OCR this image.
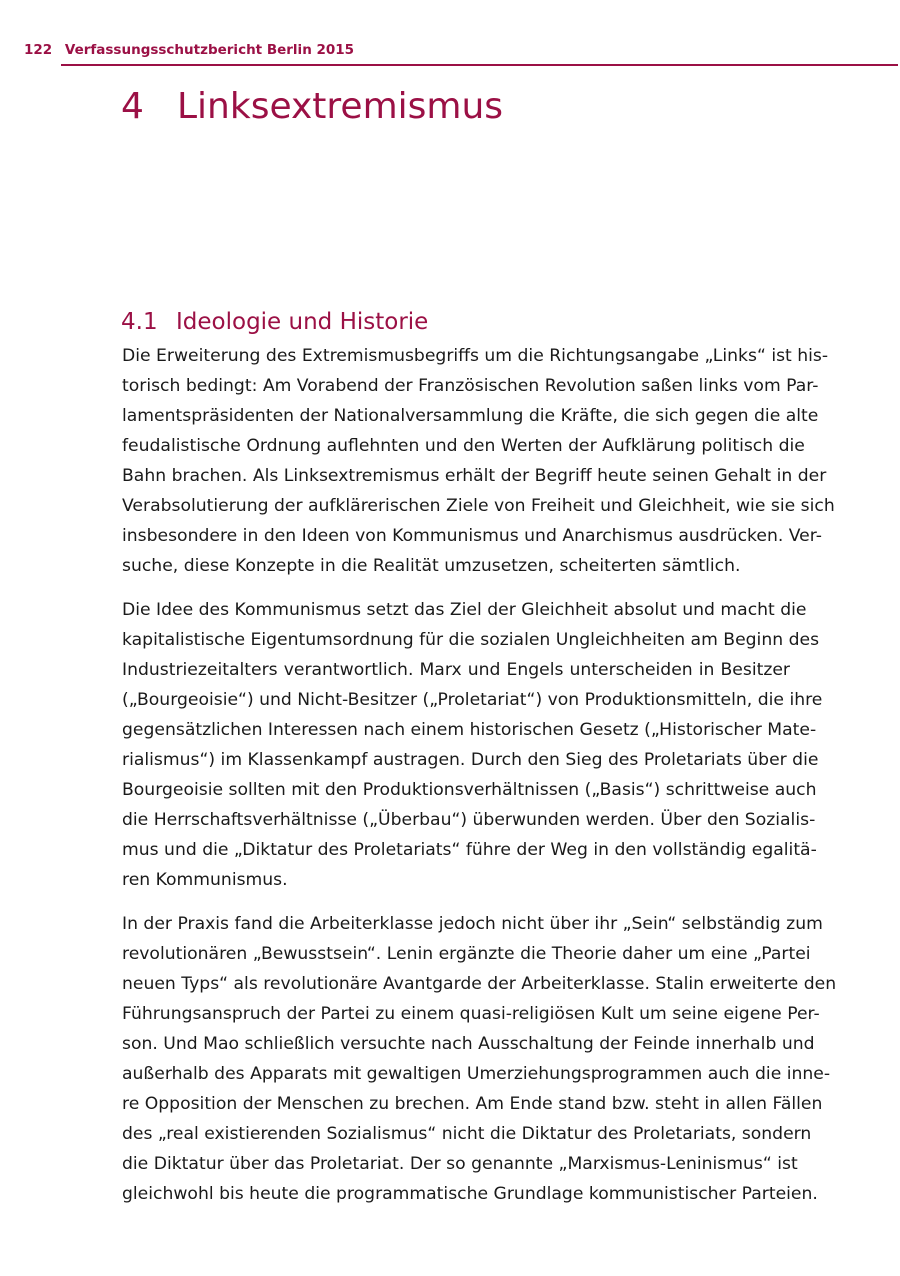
122 Verfassungsschutzbericht Berlin 2015
4 Linksextremismus
4.1 Ideologie und Historie
Die Erweiterung des Extremismusbegriffs um die Richtungsangabe „Links“ ist his-
torisch bedingt: Am Vorabend der Französischen Revolution saßen links vom Par-
lamentspräsidenten der Nationalversammlung die Kräfte, die sich gegen die alte
feudalistische Ordnung auflehnten und den Werten der Aufklärung politisch die
Bahn brachen. Als Linksextremismus erhält der Begriff heute seinen Gehalt in der
Verabsolutierung der aufklärerischen Ziele von Freiheit und Gleichheit, wie sie sich
insbesondere in den Ideen von Kommunismus und Anarchismus ausdrücken. Ver-
suche, diese Konzepte in die Realität umzusetzen, scheiterten sämtlich.
Die Idee des Kommunismus setzt das Ziel der Gleichheit absolut und macht die
kapitalistische Eigentumsordnung für die sozialen Ungleichheiten am Beginn des
Industriezeitalters verantwortlich. Marx und Engels unterscheiden in Besitzer
(„Bourgeoisie“) und Nicht-Besitzer („Proletariat“) von Produktionsmitteln, die ihre
gegensätzlichen Interessen nach einem historischen Gesetz („Historischer Mate-
rialismus“) im Klassenkampf austragen. Durch den Sieg des Proletariats über die
Bourgeoisie sollten mit den Produktionsverhältnissen („Basis“) schrittweise auch
die Herrschaftsverhältnisse („Überbau“) überwunden werden. Über den Sozialis-
mus und die „Diktatur des Proletariats“ führe der Weg in den vollständig egalitä-
ren Kommunismus.
In der Praxis fand die Arbeiterklasse jedoch nicht über ihr „Sein“ selbständig zum
revolutionären „Bewusstsein“. Lenin ergänzte die Theorie daher um eine „Partei
neuen Typs“ als revolutionäre Avantgarde der Arbeiterklasse. Stalin erweiterte den
Führungsanspruch der Partei zu einem quasi-religiösen Kult um seine eigene Per-
son. Und Mao schließlich versuchte nach Ausschaltung der Feinde innerhalb und
außerhalb des Apparats mit gewaltigen Umerziehungsprogrammen auch die inne-
re Opposition der Menschen zu brechen. Am Ende stand bzw. steht in allen Fällen
des „real existierenden Sozialismus“ nicht die Diktatur des Proletariats, sondern
die Diktatur über das Proletariat. Der so genannte „Marxismus-Leninismus“ ist
gleichwohl bis heute die programmatische Grundlage kommunistischer Parteien.
